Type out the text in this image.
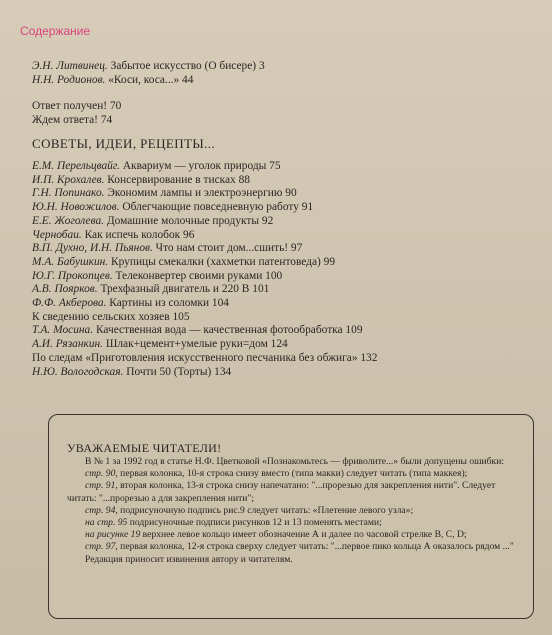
Содержание
Э.Н. Литвинец. Забытое искусство (О бисере) 3
Н.Н. Родионов. «Коси, коса...» 44
Ответ получен! 70
Ждем ответа! 74
СОВЕТЫ, ИДЕИ, РЕЦЕПТЫ...
Е.М. Перельцвайг. Аквариум — уголок природы 75
И.П. Крохалев. Консервирование в тисках 88
Г.Н. Попинако. Экономим лампы и электроэнергию 90
Ю.Н. Новожилов. Облегчающие повседневную работу 91
Е.Е. Жоголева. Домашние молочные продукты 92
Чернобаи. Как испечь колобок 96
В.П. Духно, И.Н. Пьянов. Что нам стоит дом...сшить! 97
М.А. Бабушкин. Крупицы смекалки (хахметки патентоведа) 99
Ю.Г. Прокопцев. Телеконвертер своими руками 100
А.В. Поярков. Трехфазный двигатель и 220 В 101
Ф.Ф. Акберова. Картины из соломки 104
К сведению сельских хозяев 105
Т.А. Мосина. Качественная вода — качественная фотообработка 109
А.И. Рязанкин. Шлак+цемент+умелые руки=дом 124
По следам «Приготовления искусственного песчаника без обжига» 132
Н.Ю. Вологодская. Почти 50 (Торты) 134
УВАЖАЕМЫЕ ЧИТАТЕЛИ!

В № 1 за 1992 год в статье Н.Ф. Цветковой «Познакомьтесь — фриволите...» были допущены ошибки:

стр. 90, первая колонка, 10-я строка снизу вместо (типа макки) следует читать (типа маккея);

стр. 91, вторая колонка, 13-я строка снизу напечатано: "...прорезью для закрепления нити". Следует читать: "...прорезью а для закрепления нити";

стр. 94, подрисуночную подпись рис.9 следует читать: «Плетение левого узла»;

на стр. 95 подрисуночные подписи рисунков 12 и 13 поменять местами;

на рисунке 19 верхнее левое кольцо имеет обозначение А и далее по часовой стрелке В, С, D;

стр. 97, первая колонка, 12-я строка сверху следует читать: "...первое пико кольца А оказалось рядом ..."

Редакция приносит извинения автору и читателям.
